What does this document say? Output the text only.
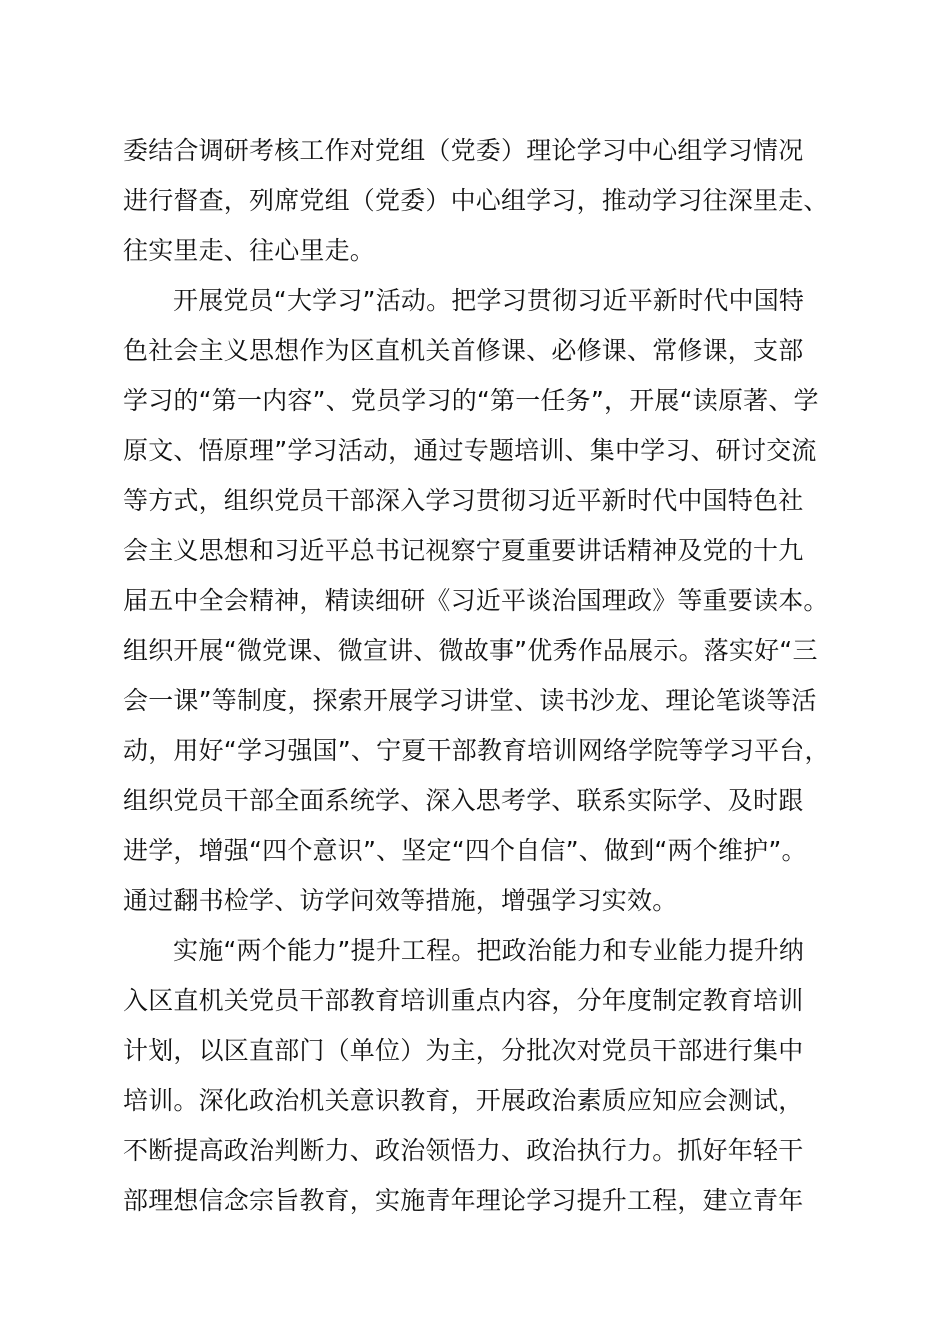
委结合调研考核工作对党组（党委）理论学习中心组学习情况
进行督查，列席党组（党委）中心组学习，推动学习往深里走、
往实里走、往心里走。
开展党员“大学习”活动。把学习贯彻习近平新时代中国特
色社会主义思想作为区直机关首修课、必修课、常修课，支部
学习的“第一内容”、党员学习的“第一任务”，开展“读原著、学
原文、悟原理”学习活动，通过专题培训、集中学习、研讨交流
等方式，组织党员干部深入学习贯彻习近平新时代中国特色社
会主义思想和习近平总书记视察宁夏重要讲话精神及党的十九
届五中全会精神，精读细研《习近平谈治国理政》等重要读本。
组织开展“微党课、微宣讲、微故事”优秀作品展示。落实好“三
会一课”等制度，探索开展学习讲堂、读书沙龙、理论笔谈等活
动，用好“学习强国”、宁夏干部教育培训网络学院等学习平台，
组织党员干部全面系统学、深入思考学、联系实际学、及时跟
进学，增强“四个意识”、坚定“四个自信”、做到“两个维护”。
通过翻书检学、访学问效等措施，增强学习实效。
实施“两个能力”提升工程。把政治能力和专业能力提升纳
入区直机关党员干部教育培训重点内容，分年度制定教育培训
计划，以区直部门（单位）为主，分批次对党员干部进行集中
培训。深化政治机关意识教育，开展政治素质应知应会测试，
不断提高政治判断力、政治领悟力、政治执行力。抓好年轻干
部理想信念宗旨教育，实施青年理论学习提升工程，建立青年
